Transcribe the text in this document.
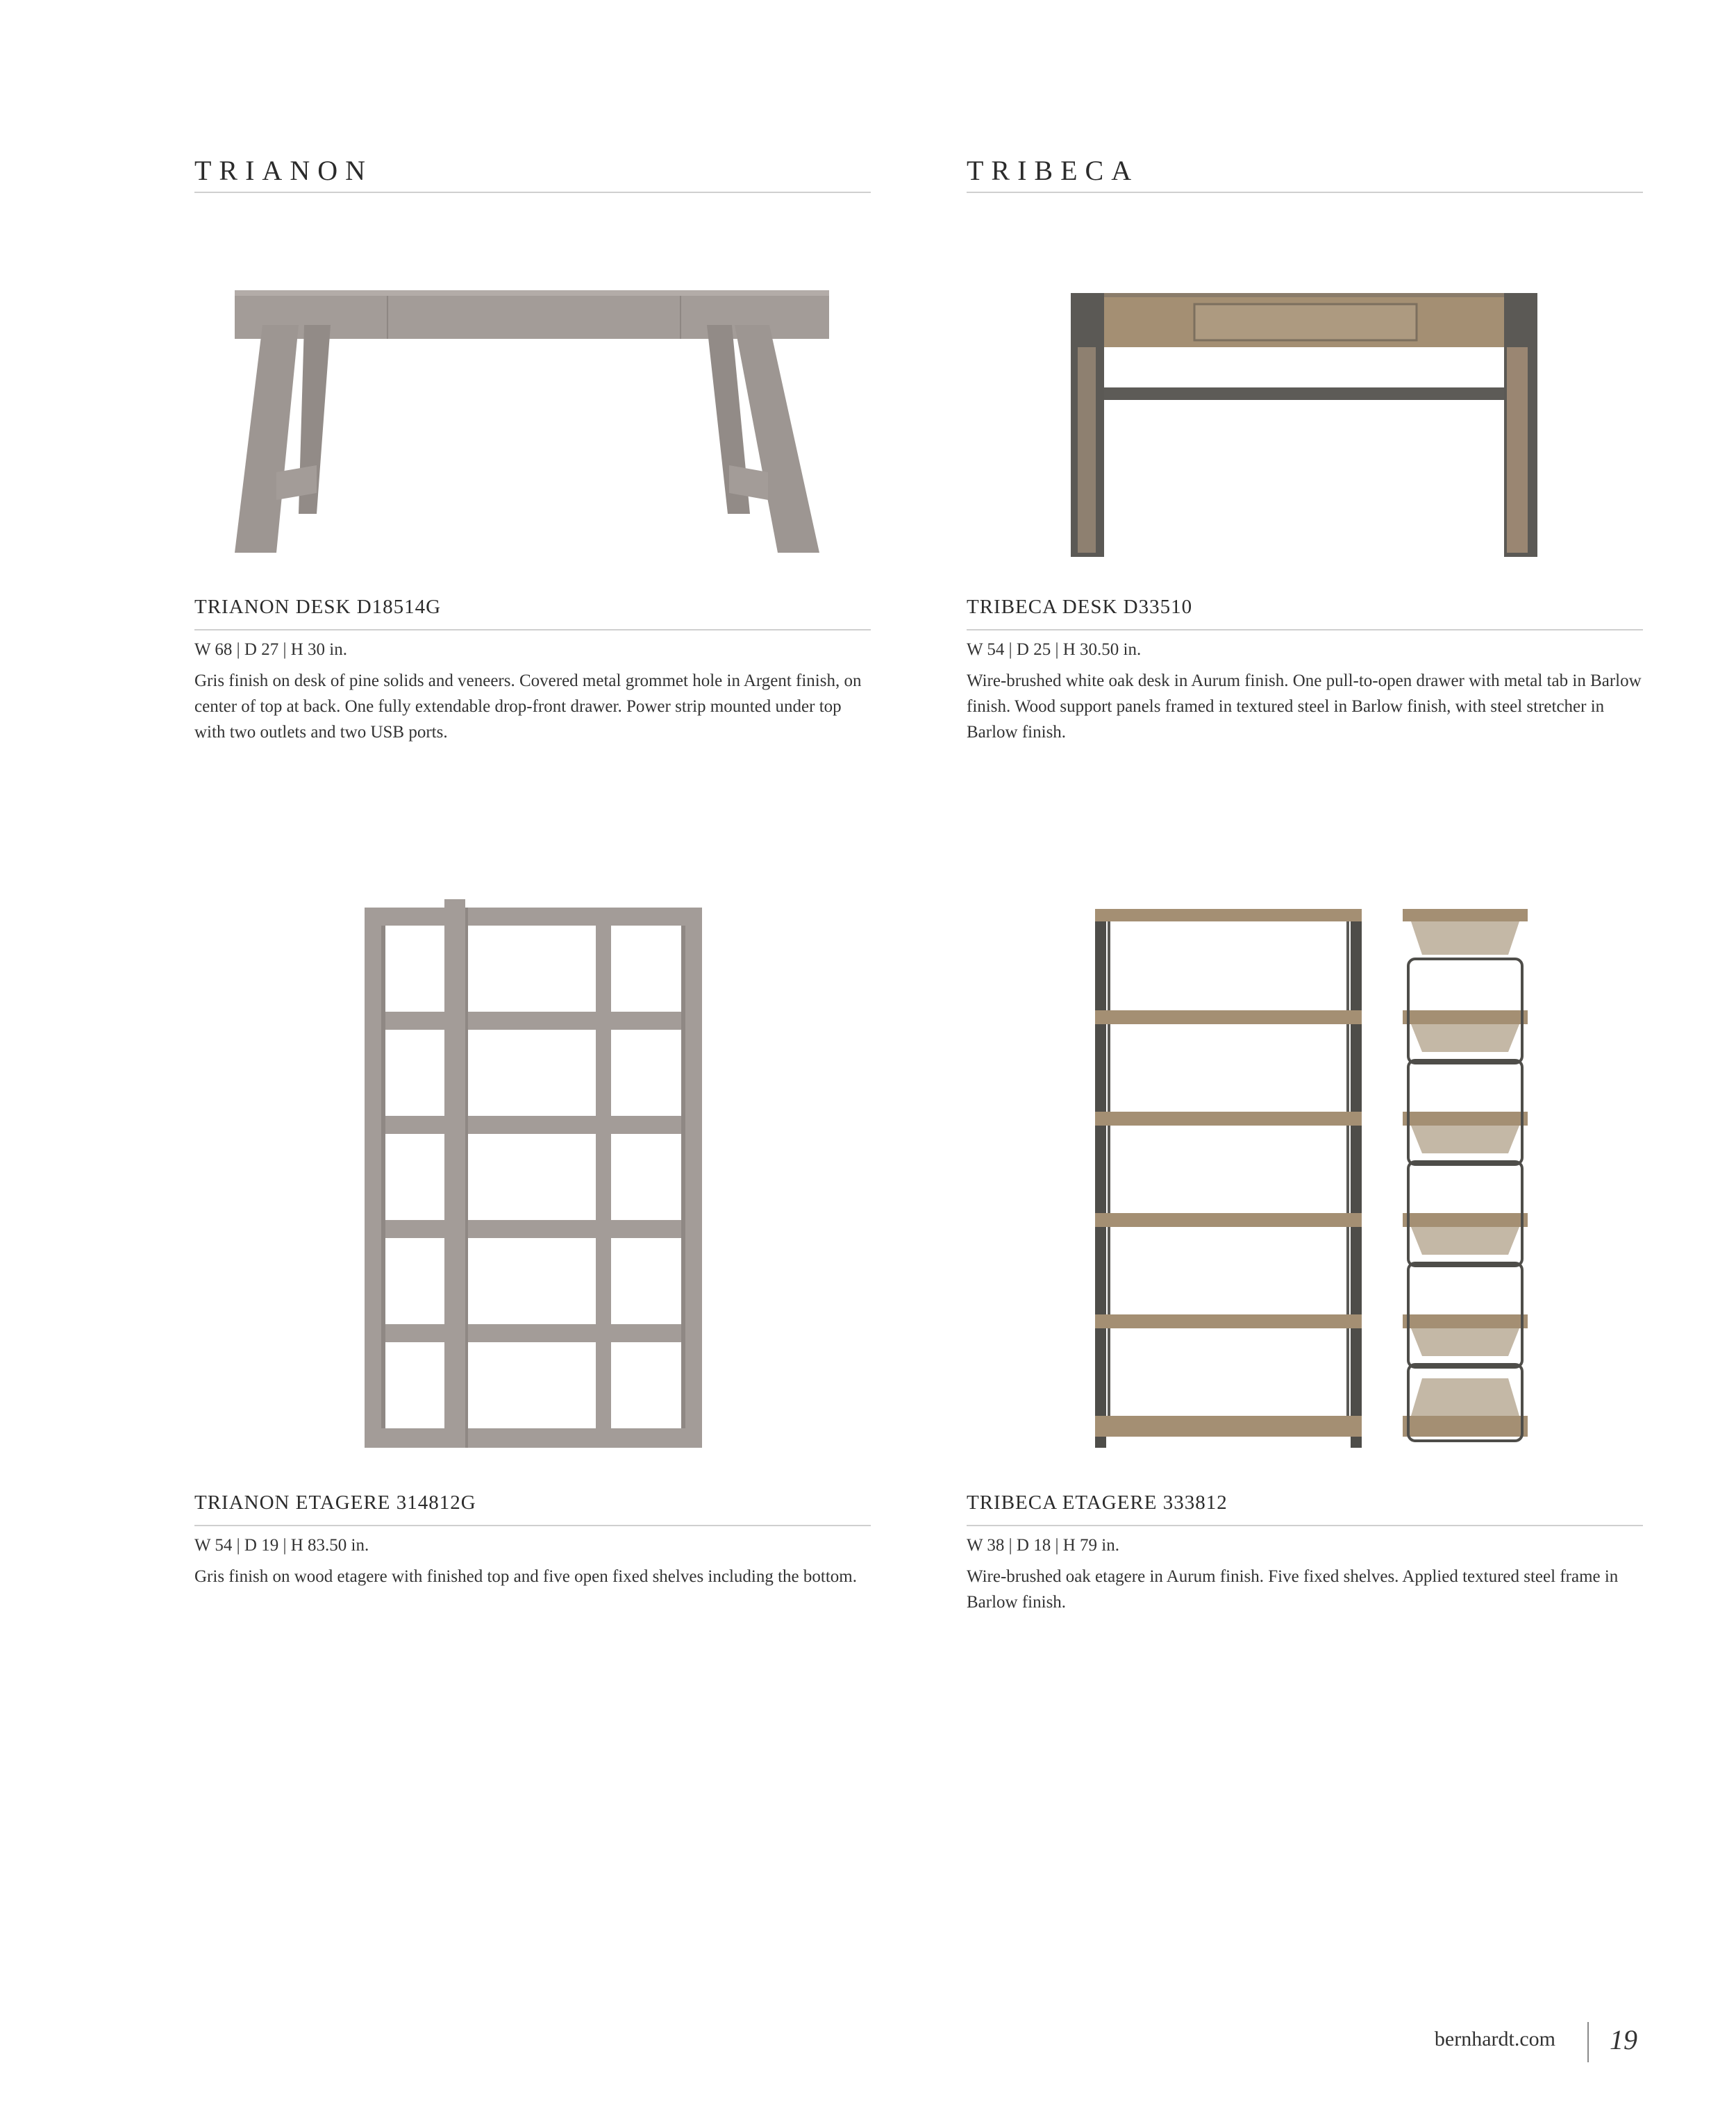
TRIANON
TRIANON DESK D18514G
W 68 | D 27 | H 30 in.
Gris finish on desk of pine solids and veneers. Covered metal grommet hole in Argent finish, on center of top at back. One fully extendable drop-front drawer. Power strip mounted under top with two outlets and two USB ports.
TRIANON ETAGERE 314812G
W 54 | D 19 | H 83.50 in.
Gris finish on wood etagere with finished top and five open fixed shelves including the bottom.
TRIBECA
TRIBECA DESK D33510
W 54 | D 25 | H 30.50 in.
Wire-brushed white oak desk in Aurum finish. One pull-to-open drawer with metal tab in Barlow finish. Wood support panels framed in textured steel in Barlow finish, with steel stretcher in Barlow finish.
TRIBECA ETAGERE 333812
W 38 | D 18 | H 79 in.
Wire-brushed oak etagere in Aurum finish. Five fixed shelves. Applied textured steel frame in Barlow finish.
bernhardt.com 19
